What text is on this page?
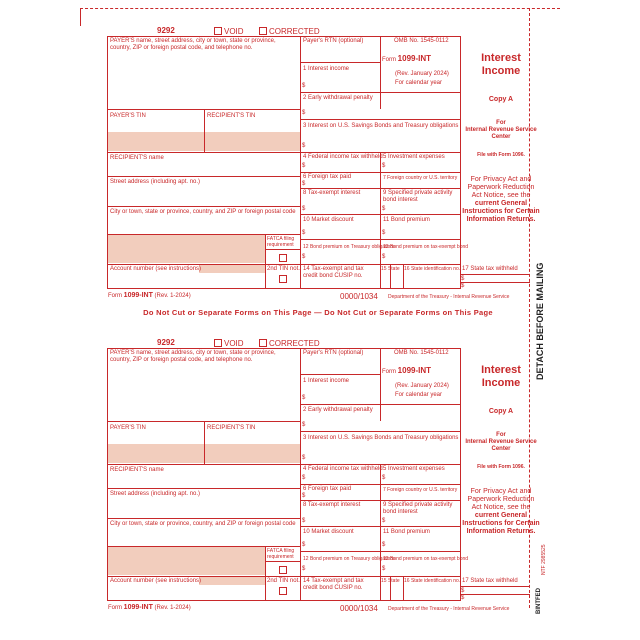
9292	VOID	CORRECTED
PAYER'S name, street address, city or town, state or province, country, ZIP or foreign postal code, and telephone no.
PAYER'S TIN	RECIPIENT'S TIN
RECIPIENT'S name
Street address (including apt. no.)
City or town, state or province, country, and ZIP or foreign postal code
FATCA filing requirement
Account number (see instructions)	2nd TIN not.
Payer's RTN (optional)
1 Interest income
$
OMB No. 1545-0112
Form 1099-INT
(Rev. January 2024)
For calendar year
2 Early withdrawal penalty
$
3 Interest on U.S. Savings Bonds and Treasury obligations
$
4 Federal income tax withheld
$
5 Investment expenses
$
6 Foreign tax paid
$
7 Foreign country or U.S. territory
8 Tax-exempt interest
$
9 Specified private activity bond interest
$
10 Market discount
$
11 Bond premium
$
12 Bond premium on Treasury obligations
$
13 Bond premium on tax-exempt bond
$
14 Tax-exempt and tax credit bond CUSIP no.
15 State 16 State identification no. 17 State tax withheld
$
$
Interest
Income
Copy A
For
Internal Revenue Service Center
File with Form 1096.
For Privacy Act and Paperwork Reduction Act Notice, see the current General Instructions for Certain Information Returns.
Form 1099-INT (Rev. 1-2024)	0000/1034 Department of the Treasury - Internal Revenue Service
Do Not Cut or Separate Forms on This Page — Do Not Cut or Separate Forms on This Page
9292	VOID	CORRECTED
PAYER'S name, street address, city or town, state or province, country, ZIP or foreign postal code, and telephone no.
PAYER'S TIN	RECIPIENT'S TIN
RECIPIENT'S name
Street address (including apt. no.)
City or town, state or province, country, and ZIP or foreign postal code
FATCA filing requirement
Account number (see instructions)	2nd TIN not.
Payer's RTN (optional)
1 Interest income
$
OMB No. 1545-0112
Form 1099-INT
(Rev. January 2024)
For calendar year
2 Early withdrawal penalty
$
3 Interest on U.S. Savings Bonds and Treasury obligations
$
4 Federal income tax withheld
$
5 Investment expenses
$
6 Foreign tax paid
$
7 Foreign country or U.S. territory
8 Tax-exempt interest
$
9 Specified private activity bond interest
$
10 Market discount
$
11 Bond premium
$
12 Bond premium on Treasury obligations
$
13 Bond premium on tax-exempt bond
$
14 Tax-exempt and tax credit bond CUSIP no.
15 State 16 State identification no. 17 State tax withheld
$
$
Interest
Income
Copy A
For
Internal Revenue Service Center
File with Form 1096.
For Privacy Act and Paperwork Reduction Act Notice, see the current General Instructions for Certain Information Returns.
Form 1099-INT (Rev. 1-2024)	0000/1034 Department of the Treasury - Internal Revenue Service
DETACH BEFORE MAILING
NTF 2985525
BINTFED
